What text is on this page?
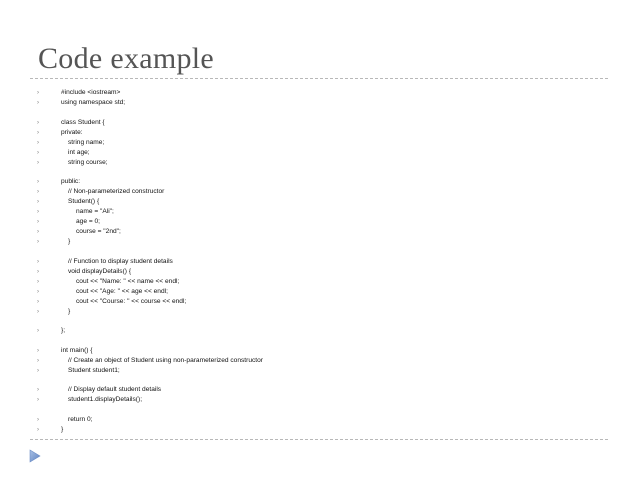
Code example
›	#include <iostream>
›	using namespace std;
›	class Student {
›	private:
›	string name;
›	int age;
›	string course;
›	public:
›	// Non-parameterized constructor
›	Student() {
›	name = "Ali";
›	age = 0;
›	course = "2nd";
›	}
›	// Function to display student details
›	void displayDetails() {
›	cout << "Name: " << name << endl;
›	cout << "Age: " << age << endl;
›	cout << "Course: " << course << endl;
›	}
›	};
›	int main() {
›	// Create an object of Student using non-parameterized constructor
›	Student student1;
›	// Display default student details
›	student1.displayDetails();
›	return 0;
›	}
